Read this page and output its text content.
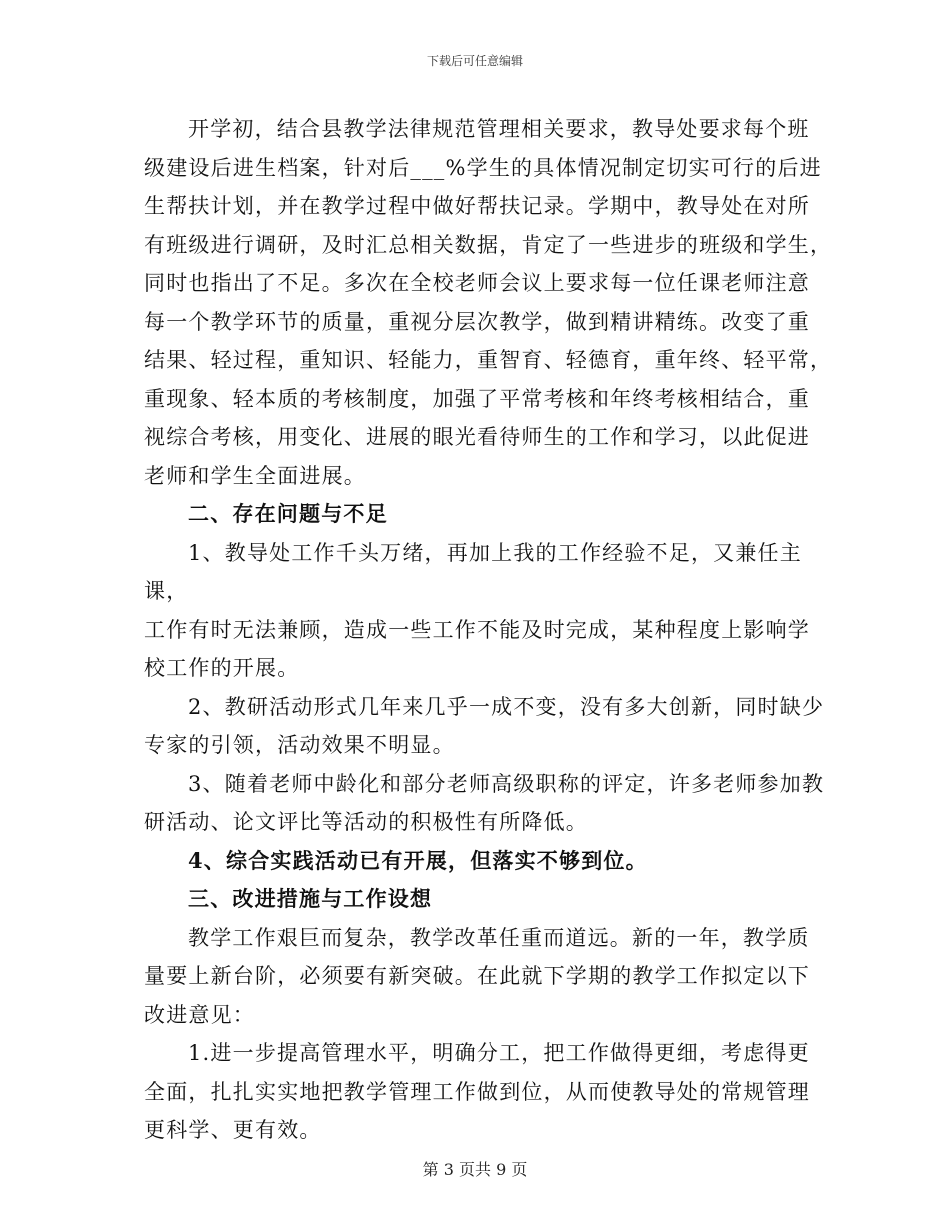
下载后可任意编辑

开学初，结合县教学法律规范管理相关要求，教导处要求每个班
级建设后进生档案，针对后___%学生的具体情况制定切实可行的后进
生帮扶计划，并在教学过程中做好帮扶记录。学期中，教导处在对所
有班级进行调研，及时汇总相关数据，肯定了一些进步的班级和学生，
同时也指出了不足。多次在全校老师会议上要求每一位任课老师注意
每一个教学环节的质量，重视分层次教学，做到精讲精练。改变了重
结果、轻过程，重知识、轻能力，重智育、轻德育，重年终、轻平常，
重现象、轻本质的考核制度，加强了平常考核和年终考核相结合，重
视综合考核，用变化、进展的眼光看待师生的工作和学习，以此促进
老师和学生全面进展。

二、存在问题与不足

1、教导处工作千头万绪，再加上我的工作经验不足，又兼任主课，
工作有时无法兼顾，造成一些工作不能及时完成，某种程度上影响学
校工作的开展。

2、教研活动形式几年来几乎一成不变，没有多大创新，同时缺少
专家的引领，活动效果不明显。

3、随着老师中龄化和部分老师高级职称的评定，许多老师参加教
研活动、论文评比等活动的积极性有所降低。

4、综合实践活动已有开展，但落实不够到位。

三、改进措施与工作设想

教学工作艰巨而复杂，教学改革任重而道远。新的一年，教学质
量要上新台阶，必须要有新突破。在此就下学期的教学工作拟定以下
改进意见：

1.进一步提高管理水平，明确分工，把工作做得更细，考虑得更
全面，扎扎实实地把教学管理工作做到位，从而使教导处的常规管理
更科学、更有效。

第 3 页共 9 页
